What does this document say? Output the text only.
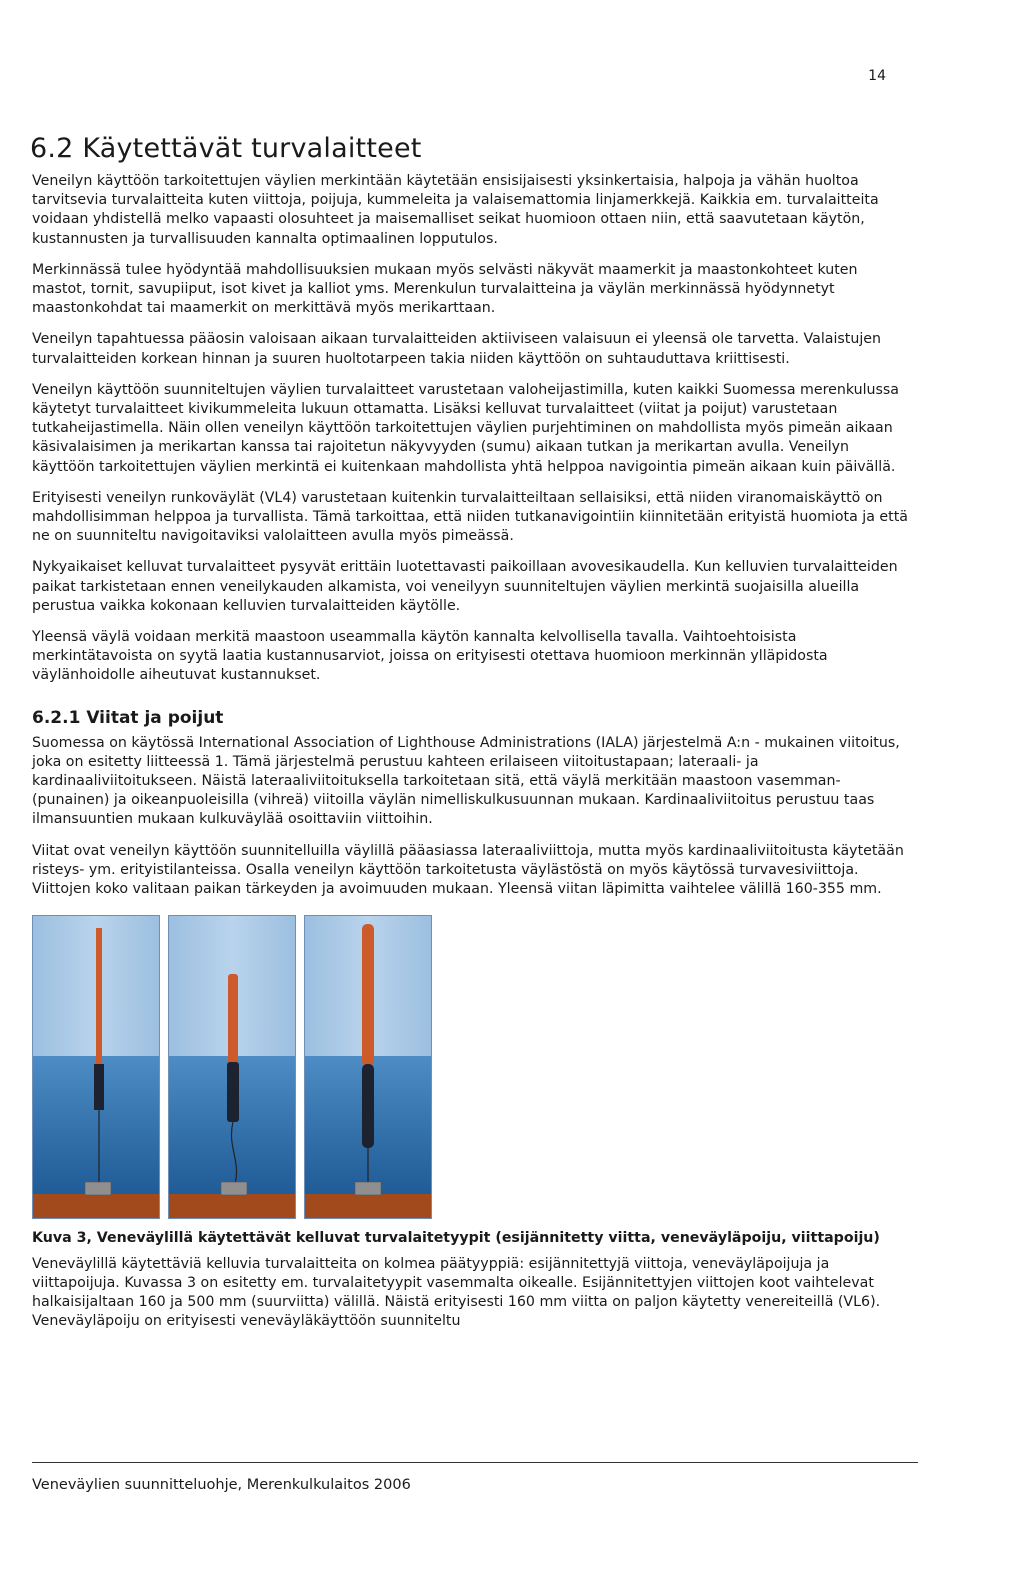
14
6.2 Käytettävät turvalaitteet

Veneilyn käyttöön tarkoitettujen väylien merkintään käytetään ensisijaisesti yksinkertaisia, halpoja ja vähän huoltoa tarvitsevia turvalaitteita kuten viittoja, poijuja, kummeleita ja valaisemattomia linjamerkkejä. Kaikkia em. turvalaitteita voidaan yhdistellä melko vapaasti olosuhteet ja maisemalliset seikat huomioon ottaen niin, että saavutetaan käytön, kustannusten ja turvallisuuden kannalta optimaalinen lopputulos.

Merkinnässä tulee hyödyntää mahdollisuuksien mukaan myös selvästi näkyvät maamerkit ja maastonkohteet kuten mastot, tornit, savupiiput, isot kivet ja kalliot yms. Merenkulun turvalaitteina ja väylän merkinnässä hyödynnetyt maastonkohdat tai maamerkit on merkittävä myös merikarttaan.

Veneilyn tapahtuessa pääosin valoisaan aikaan turvalaitteiden aktiiviseen valaisuun ei yleensä ole tarvetta. Valaistujen turvalaitteiden korkean hinnan ja suuren huoltotarpeen takia niiden käyttöön on suhtauduttava kriittisesti.

Veneilyn käyttöön suunniteltujen väylien turvalaitteet varustetaan valoheijastimilla, kuten kaikki Suomessa merenkulussa käytetyt turvalaitteet kivikummeleita lukuun ottamatta. Lisäksi kelluvat turvalaitteet (viitat ja poijut) varustetaan tutkaheijastimella. Näin ollen veneilyn käyttöön tarkoitettujen väylien purjehtiminen on mahdollista myös pimeän aikaan käsivalaisimen ja merikartan kanssa tai rajoitetun näkyvyyden (sumu) aikaan tutkan ja merikartan avulla. Veneilyn käyttöön tarkoitettujen väylien merkintä ei kuitenkaan mahdollista yhtä helppoa navigointia pimeän aikaan kuin päivällä.

Erityisesti veneilyn runkoväylät (VL4) varustetaan kuitenkin turvalaitteiltaan sellaisiksi, että niiden viranomaiskäyttö on mahdollisimman helppoa ja turvallista. Tämä tarkoittaa, että niiden tutkanavigointiin kiinnitetään erityistä huomiota ja että ne on suunniteltu navigoitaviksi valolaitteen avulla myös pimeässä.

Nykyaikaiset kelluvat turvalaitteet pysyvät erittäin luotettavasti paikoillaan avovesikaudella. Kun kelluvien turvalaitteiden paikat tarkistetaan ennen veneilykauden alkamista, voi veneilyyn suunniteltujen väylien merkintä suojaisilla alueilla perustua vaikka kokonaan kelluvien turvalaitteiden käytölle.

Yleensä väylä voidaan merkitä maastoon useammalla käytön kannalta kelvollisella tavalla. Vaihtoehtoisista merkintätavoista on syytä laatia kustannusarviot, joissa on erityisesti otettava huomioon merkinnän ylläpidosta väylänhoidolle aiheutuvat kustannukset.

6.2.1 Viitat ja poijut

Suomessa on käytössä International Association of Lighthouse Administrations (IALA) järjestelmä A:n - mukainen viitoitus, joka on esitetty liitteessä 1. Tämä järjestelmä perustuu kahteen erilaiseen viitoitustapaan; lateraali- ja kardinaaliviitoitukseen. Näistä lateraaliviitoituksella tarkoitetaan sitä, että väylä merkitään maastoon vasemman- (punainen) ja oikeanpuoleisilla (vihreä) viitoilla väylän nimelliskulkusuunnan mukaan. Kardinaaliviitoitus perustuu taas ilmansuuntien mukaan kulkuväylää osoittaviin viittoihin.

Viitat ovat veneilyn käyttöön suunnitelluilla väylillä pääasiassa lateraaliviittoja, mutta myös kardinaaliviitoitusta käytetään risteys- ym. erityistilanteissa. Osalla veneilyn käyttöön tarkoitetusta väylästöstä on myös käytössä turvavesiviittoja. Viittojen koko valitaan paikan tärkeyden ja avoimuuden mukaan. Yleensä viitan läpimitta vaihtelee välillä 160-355 mm.

Kuva 3, Veneväylillä käytettävät kelluvat turvalaitetyypit (esijännitetty viitta, veneväyläpoiju, viittapoiju)

Veneväylillä käytettäviä kelluvia turvalaitteita on kolmea päätyyppiä: esijännitettyjä viittoja, veneväyläpoijuja ja viittapoijuja. Kuvassa 3 on esitetty em. turvalaitetyypit vasemmalta oikealle. Esijännitettyjen viittojen koot vaihtelevat halkaisijaltaan 160 ja 500 mm (suurviitta) välillä. Näistä erityisesti 160 mm viitta on paljon käytetty venereiteillä (VL6). Veneväyläpoiju on erityisesti veneväyläkäyttöön suunniteltu

Veneväylien suunnitteluohje, Merenkulkulaitos 2006
